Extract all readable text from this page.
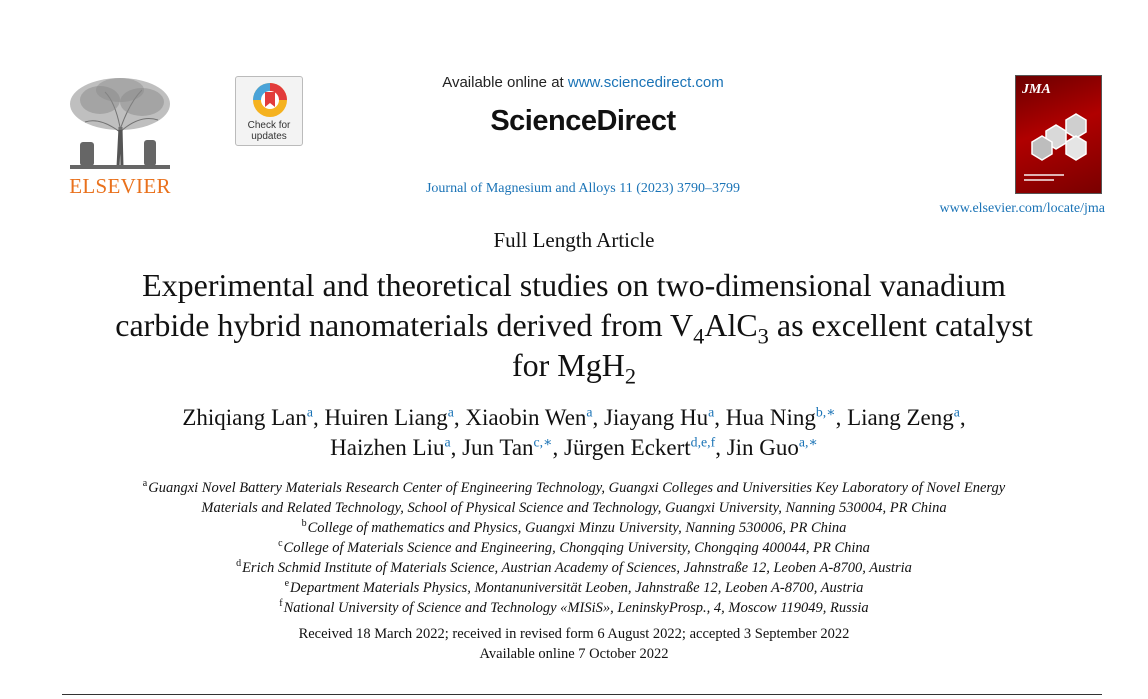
ELSEVIER
Check for
updates
Available online at www.sciencedirect.com
ScienceDirect
Journal of Magnesium and Alloys 11 (2023) 3790–3799
JMA
www.elsevier.com/locate/jma
Full Length Article
Experimental and theoretical studies on two-dimensional vanadium
carbide hybrid nanomaterials derived from $V_4AlC_3$ as excellent catalyst
for MgH$_2$
Zhiqiang Lan$^a$, Huiren Liang$^a$, Xiaobin Wen$^a$, Jiayang Hu$^a$, Hua Ning$^{b,∗}$, Liang Zeng$^a$,
Haizhen Liu$^a$, Jun Tan$^{c,∗}$, Jürgen Eckert$^{d,e,f}$, Jin Guo$^{a,∗}$
$^a$Guangxi Novel Battery Materials Research Center of Engineering Technology, Guangxi Colleges and Universities Key Laboratory of Novel Energy
Materials and Related Technology, School of Physical Science and Technology, Guangxi University, Nanning 530004, PR China
$^b$College of mathematics and Physics, Guangxi Minzu University, Nanning 530006, PR China
$^c$College of Materials Science and Engineering, Chongqing University, Chongqing 400044, PR China
$^d$Erich Schmid Institute of Materials Science, Austrian Academy of Sciences, Jahnstraße 12, Leoben A-8700, Austria
$^e$Department Materials Physics, Montanuniversität Leoben, Jahnstraße 12, Leoben A-8700, Austria
$^f$National University of Science and Technology «MISiS», LeninskyProsp., 4, Moscow 119049, Russia
Received 18 March 2022; received in revised form 6 August 2022; accepted 3 September 2022
Available online 7 October 2022
